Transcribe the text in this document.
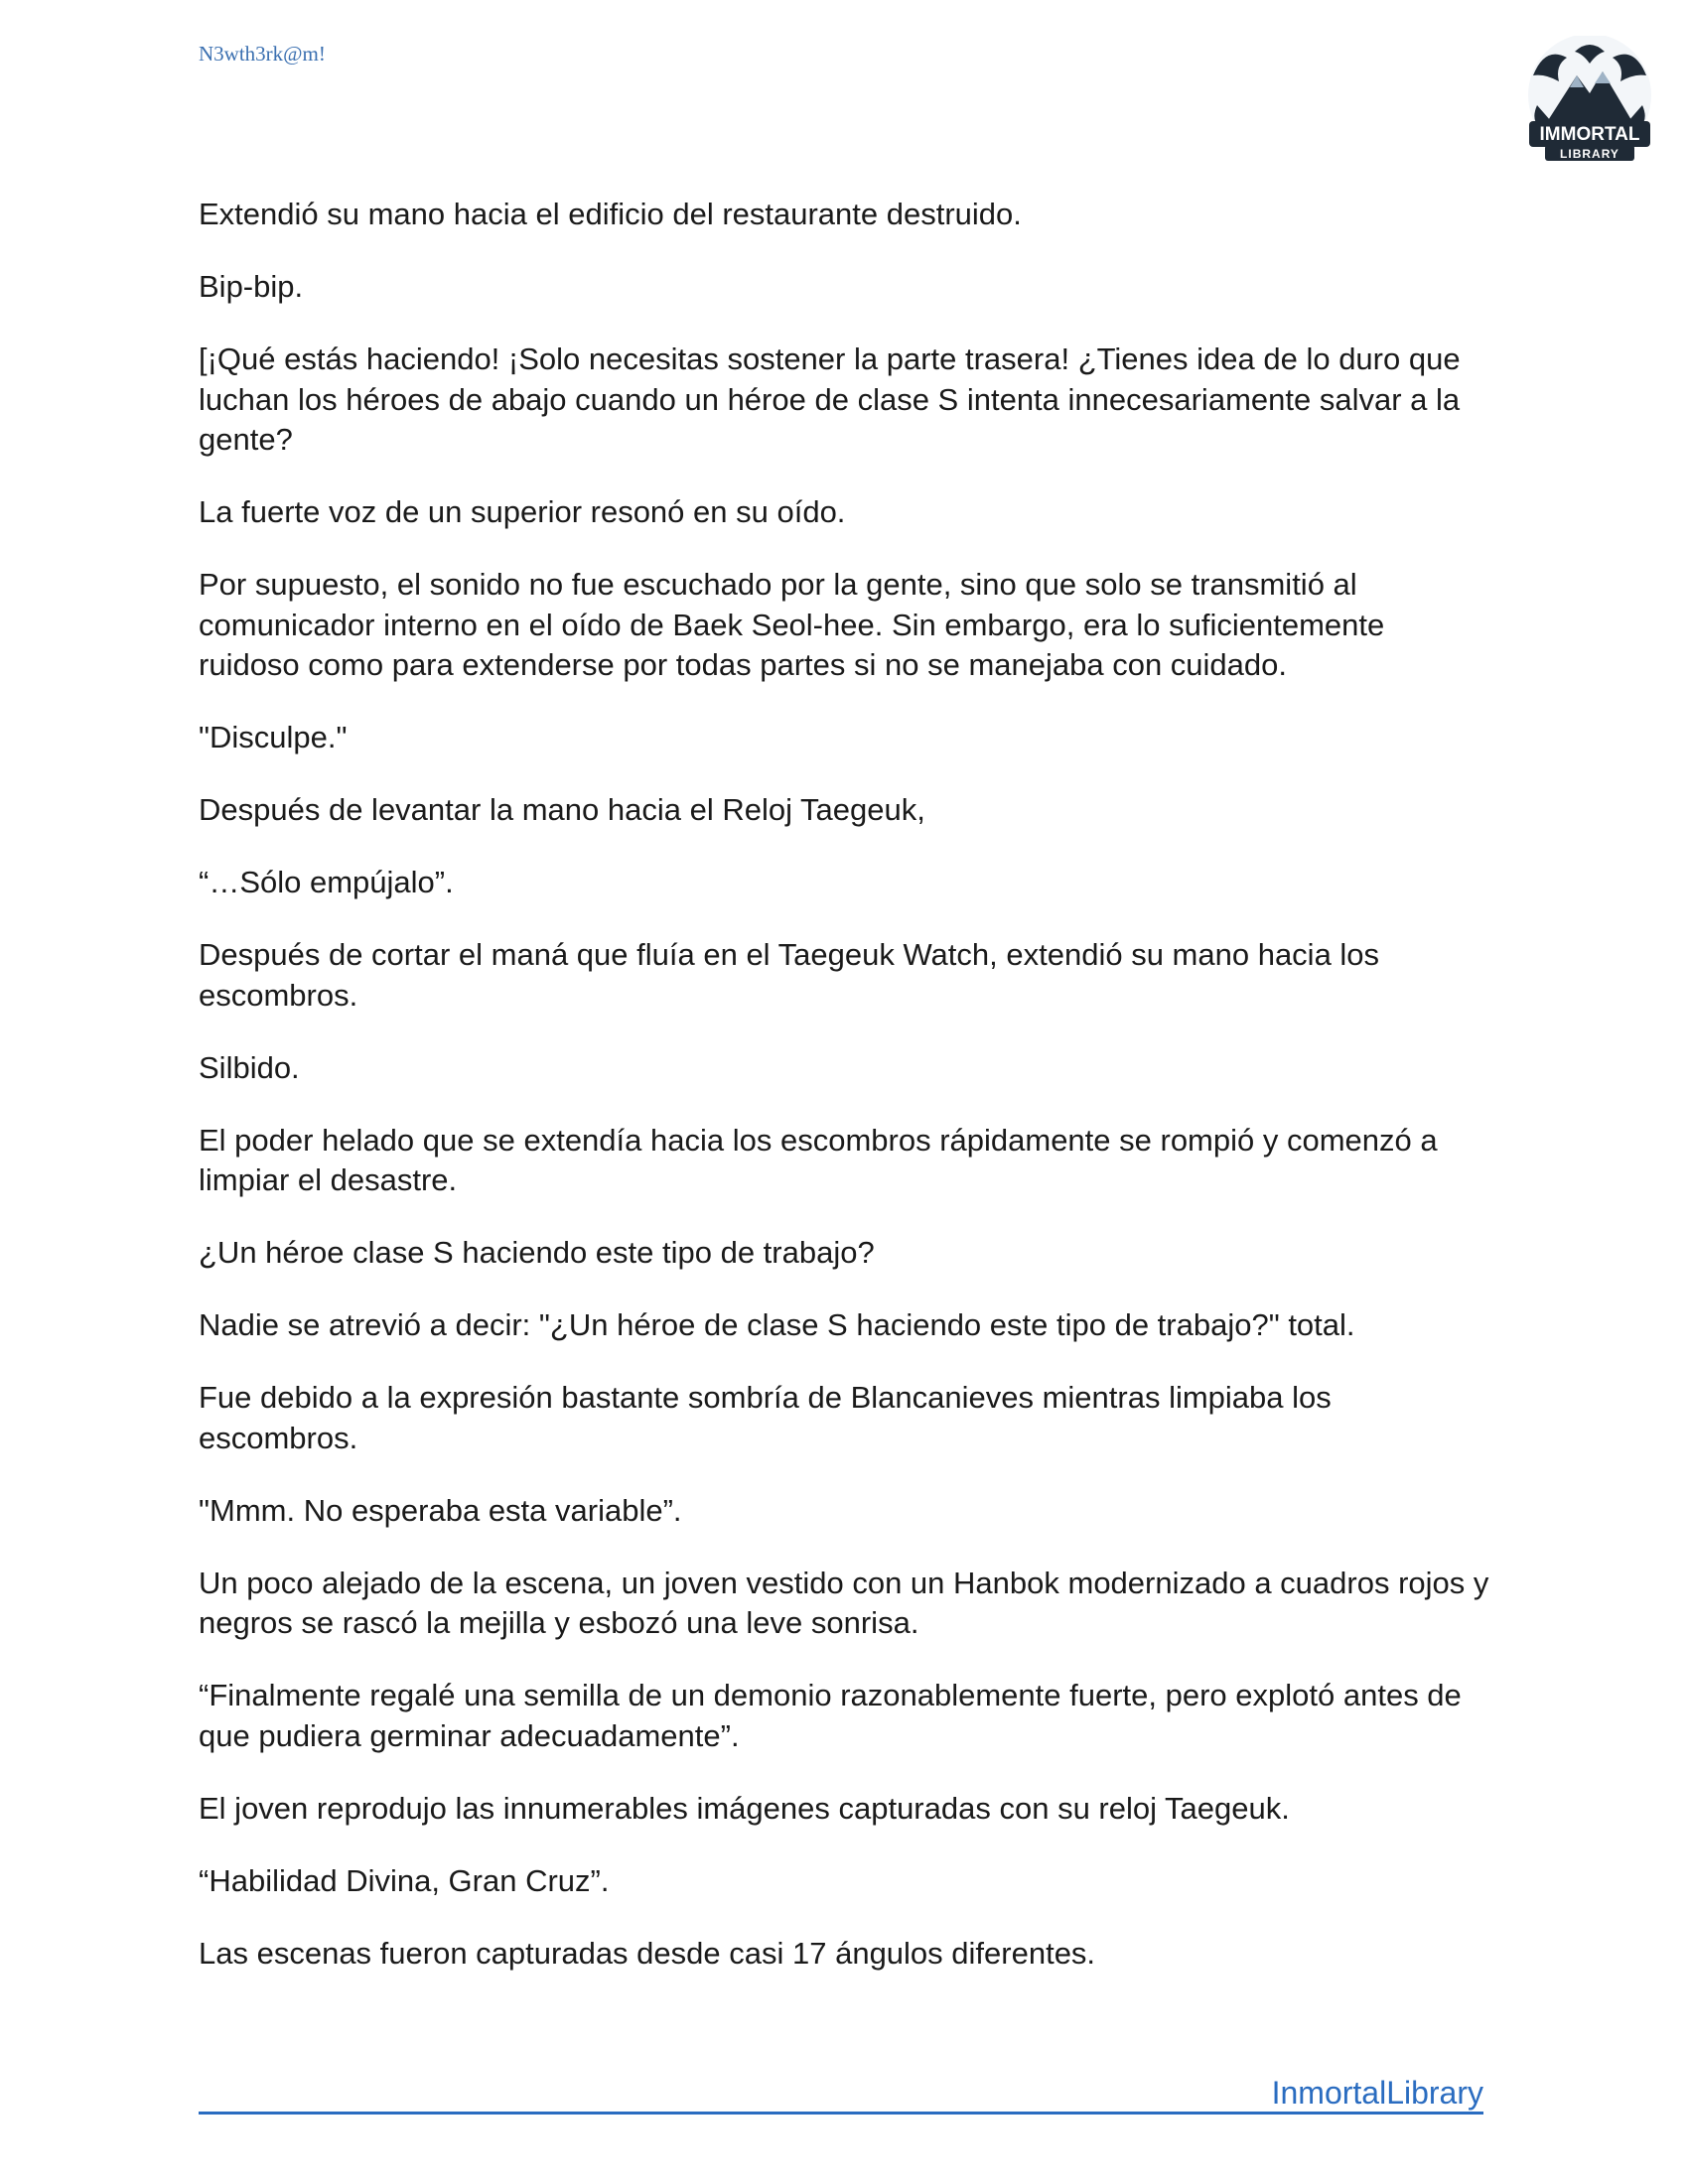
N3wth3rk@m!
IMMORTAL
LIBRARY

Extendió su mano hacia el edificio del restaurante destruido.

Bip-bip.

[¡Qué estás haciendo! ¡Solo necesitas sostener la parte trasera! ¿Tienes idea de lo duro que luchan los héroes de abajo cuando un héroe de clase S intenta innecesariamente salvar a la gente?

La fuerte voz de un superior resonó en su oído.

Por supuesto, el sonido no fue escuchado por la gente, sino que solo se transmitió al comunicador interno en el oído de Baek Seol-hee. Sin embargo, era lo suficientemente ruidoso como para extenderse por todas partes si no se manejaba con cuidado.

"Disculpe."

Después de levantar la mano hacia el Reloj Taegeuk,

“…Sólo empújalo”.

Después de cortar el maná que fluía en el Taegeuk Watch, extendió su mano hacia los escombros.

Silbido.

El poder helado que se extendía hacia los escombros rápidamente se rompió y comenzó a limpiar el desastre.

¿Un héroe clase S haciendo este tipo de trabajo?

Nadie se atrevió a decir: "¿Un héroe de clase S haciendo este tipo de trabajo?" total.

Fue debido a la expresión bastante sombría de Blancanieves mientras limpiaba los escombros.

"Mmm. No esperaba esta variable”.

Un poco alejado de la escena, un joven vestido con un Hanbok modernizado a cuadros rojos y negros se rascó la mejilla y esbozó una leve sonrisa.

“Finalmente regalé una semilla de un demonio razonablemente fuerte, pero explotó antes de que pudiera germinar adecuadamente”.

El joven reprodujo las innumerables imágenes capturadas con su reloj Taegeuk.

“Habilidad Divina, Gran Cruz”.

Las escenas fueron capturadas desde casi 17 ángulos diferentes.

InmortalLibrary
